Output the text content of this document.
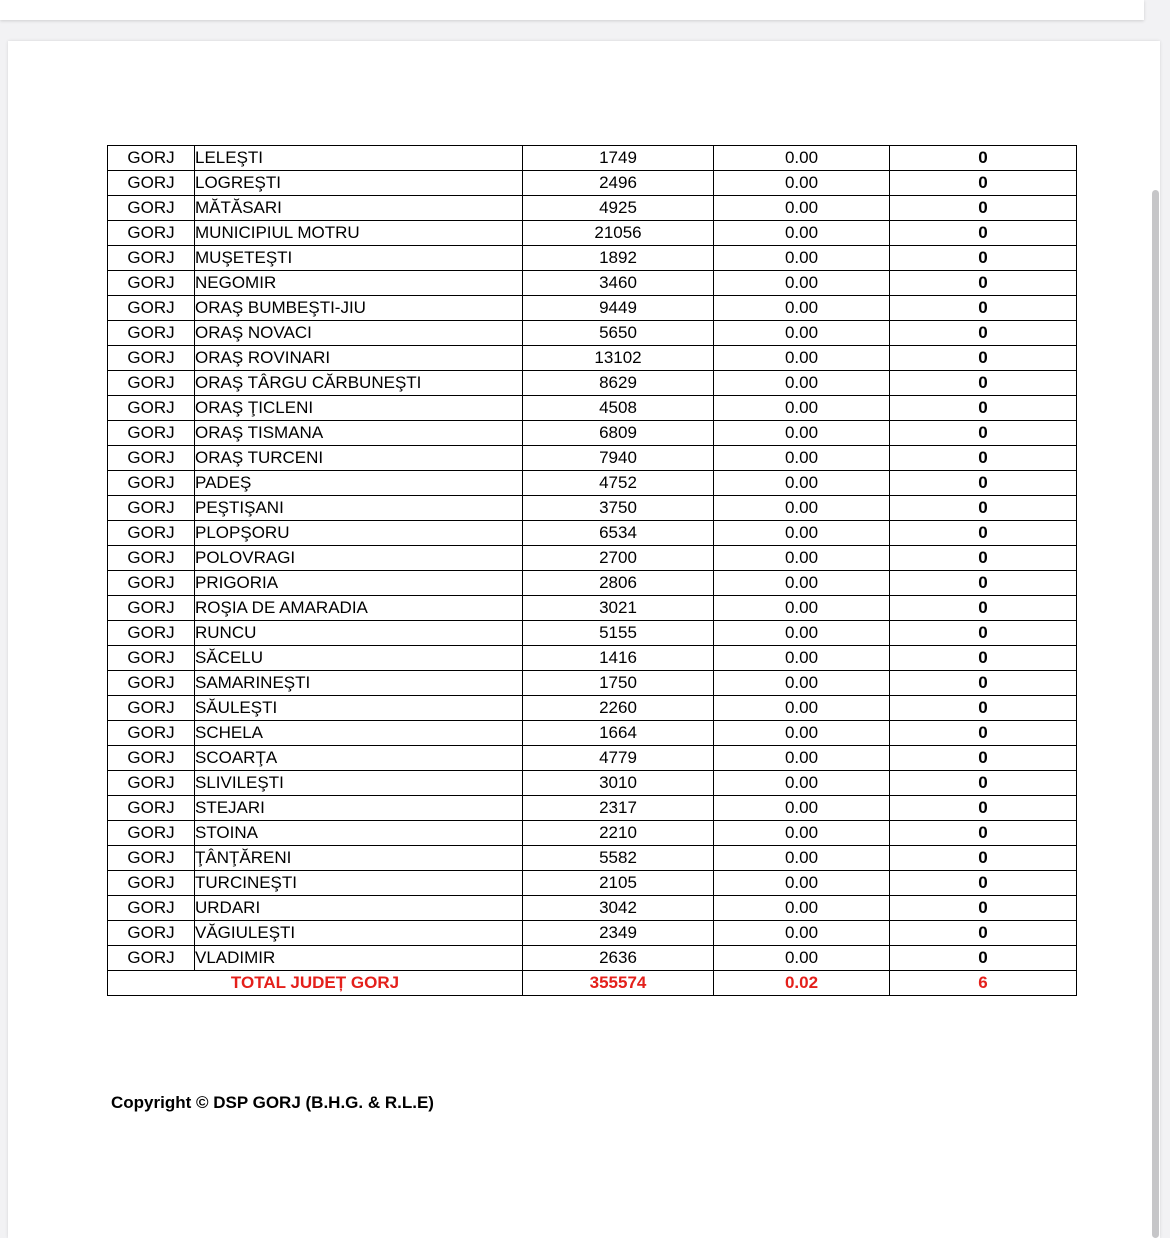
GORJ	LELEŞTI	1749	0.00	0
GORJ	LOGREŞTI	2496	0.00	0
GORJ	MĂTĂSARI	4925	0.00	0
GORJ	MUNICIPIUL MOTRU	21056	0.00	0
GORJ	MUŞETEŞTI	1892	0.00	0
GORJ	NEGOMIR	3460	0.00	0
GORJ	ORAŞ BUMBEŞTI-JIU	9449	0.00	0
GORJ	ORAŞ NOVACI	5650	0.00	0
GORJ	ORAŞ ROVINARI	13102	0.00	0
GORJ	ORAŞ TÂRGU CĂRBUNEŞTI	8629	0.00	0
GORJ	ORAŞ ŢICLENI	4508	0.00	0
GORJ	ORAŞ TISMANA	6809	0.00	0
GORJ	ORAŞ TURCENI	7940	0.00	0
GORJ	PADEŞ	4752	0.00	0
GORJ	PEŞTIŞANI	3750	0.00	0
GORJ	PLOPŞORU	6534	0.00	0
GORJ	POLOVRAGI	2700	0.00	0
GORJ	PRIGORIA	2806	0.00	0
GORJ	ROŞIA DE AMARADIA	3021	0.00	0
GORJ	RUNCU	5155	0.00	0
GORJ	SĂCELU	1416	0.00	0
GORJ	SAMARINEŞTI	1750	0.00	0
GORJ	SĂULEŞTI	2260	0.00	0
GORJ	SCHELA	1664	0.00	0
GORJ	SCOARŢA	4779	0.00	0
GORJ	SLIVILEŞTI	3010	0.00	0
GORJ	STEJARI	2317	0.00	0
GORJ	STOINA	2210	0.00	0
GORJ	ŢÂNŢĂRENI	5582	0.00	0
GORJ	TURCINEŞTI	2105	0.00	0
GORJ	URDARI	3042	0.00	0
GORJ	VĂGIULEŞTI	2349	0.00	0
GORJ	VLADIMIR	2636	0.00	0
TOTAL JUDEȚ GORJ		355574	0.02	6
Copyright © DSP GORJ (B.H.G. & R.L.E)
